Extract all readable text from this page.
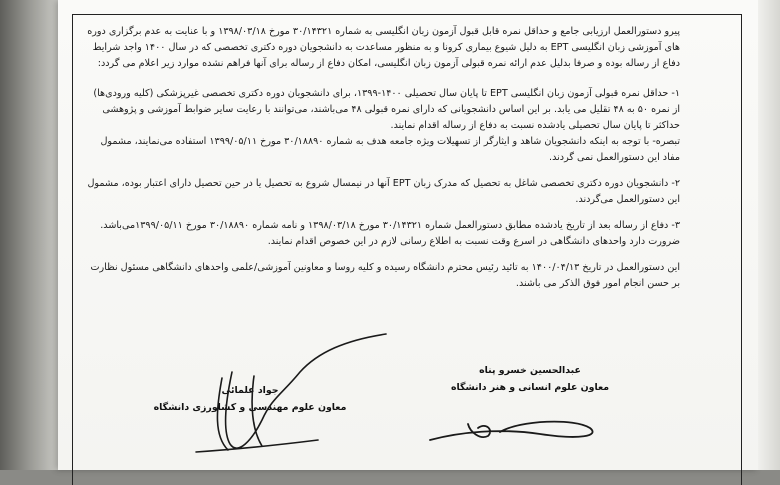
پیرو دستورالعمل ارزیابی جامع و حداقل نمره قابل قبول آزمون زبان انگلیسی به شماره ۳۰/۱۴۳۲۱ مورخ ۱۳۹۸/۰۳/۱۸ و با عنایت به عدم برگزاری دوره های آموزشی زبان انگلیسی EPT به دلیل شیوع بیماری کرونا و به منظور مساعدت به دانشجویان دوره دکتری تخصصی که در سال ۱۴۰۰ واجد شرایط دفاع از رساله بوده و صرفا بدلیل عدم ارائه نمره قبولی آزمون زبان انگلیسی، امکان دفاع از رساله برای آنها فراهم نشده موارد زیر اعلام می گردد:

۱- حداقل نمره قبولی آزمون زبان انگلیسی EPT تا پایان سال تحصیلی ۱۴۰۰-۱۳۹۹، برای دانشجویان دوره دکتری تخصصی غیرپزشکی (کلیه ورودی‌ها) از نمره ۵۰ به ۴۸ تقلیل می یابد. بر این اساس دانشجویانی که دارای نمره قبولی ۴۸ می‌باشند، می‌توانند با رعایت سایر ضوابط آموزشی و پژوهشی حداکثر تا پایان سال تحصیلی یادشده نسبت به دفاع از رساله اقدام نمایند.

تبصره- با توجه به اینکه دانشجویان شاهد و ایثارگر از تسهیلات ویژه جامعه هدف به شماره ۳۰/۱۸۸۹۰ مورخ ۱۳۹۹/۰۵/۱۱ استفاده می‌نمایند، مشمول مفاد این دستورالعمل نمی گردند.

۲- دانشجویان دوره دکتری تخصصی شاغل به تحصیل که مدرک زبان EPT آنها در نیمسال شروع به تحصیل یا در حین تحصیل دارای اعتبار بوده، مشمول این دستورالعمل می‌گردند.

۳- دفاع از رساله بعد از تاریخ یادشده مطابق دستورالعمل شماره ۳۰/۱۴۳۲۱ مورخ ۱۳۹۸/۰۳/۱۸ و نامه شماره ۳۰/۱۸۸۹۰ مورخ ۱۳۹۹/۰۵/۱۱می‌باشد. ضرورت دارد واحدهای دانشگاهی در اسرع وقت نسبت به اطلاع رسانی لازم در این خصوص اقدام نمایند.

این دستورالعمل در تاریخ ۱۴۰۰/۰۴/۱۳ به تائید رئیس محترم دانشگاه رسیده و کلیه روسا و معاونین آموزشی/علمی واحدهای دانشگاهی مسئول نظارت بر حسن انجام امور فوق الذکر می باشند.

عبدالحسین خسرو پناه
معاون علوم انسانی و هنر دانشگاه
جواد علمائی
معاون علوم مهندسی و کشاورزی دانشگاه
